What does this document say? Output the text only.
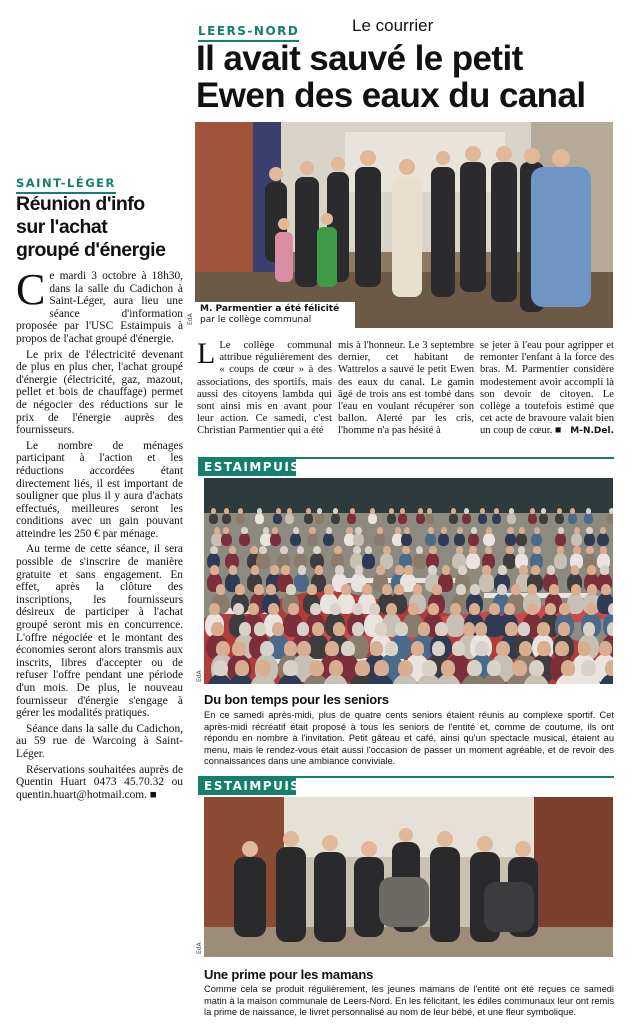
LEERS-NORD	Le courrier
Il avait sauvé le petit
Ewen des eaux du canal
M. Parmentier a été félicité
par le collège communal
EdA

L Le collège communal attribue régulièrement des « coups de cœur » à des associations, des sportifs, mais aussi des citoyens lambda qui sont ainsi mis en avant pour leur action. Ce samedi, c'est Christian Parmentier qui a été

mis à l'honneur. Le 3 septembre dernier, cet habitant de Wattrelos a sauvé le petit Ewen des eaux du canal. Le gamin âgé de trois ans est tombé dans l'eau en voulant récupérer son ballon. Alerté par les cris, l'homme n'a pas hésité à

se jeter à l'eau pour agripper et remonter l'enfant à la force des bras. M. Parmentier considère modestement avoir accompli là son devoir de citoyen. Le collège a toutefois estimé que cet acte de bravoure valait bien un coup de cœur. ■ M-N.Del.

SAINT-LÉGER
Réunion d'info
sur l'achat
groupé d'énergie

Ce mardi 3 octobre à 18h30, dans la salle du Cadichon à Saint-Léger, aura lieu une séance d'information proposée par l'USC Estaimpuis à propos de l'achat groupé d'énergie.

Le prix de l'électricité devenant de plus en plus cher, l'achat groupé d'énergie (électricité, gaz, mazout, pellet et bois de chauffage) permet de négocier des réductions sur le prix de l'énergie auprès des fournisseurs.

Le nombre de ménages participant à l'action et les réductions accordées étant directement liés, il est important de souligner que plus il y aura d'achats effectués, meilleures seront les conditions avec un gain pouvant atteindre les 250 € par ménage.

Au terme de cette séance, il sera possible de s'inscrire de manière gratuite et sans engagement. En effet, après la clôture des inscriptions, les fournisseurs désireux de participer à l'achat groupé seront mis en concurrence. L'offre négociée et le montant des économies seront alors transmis aux inscrits, libres d'accepter ou de refuser l'offre pendant une période d'un mois. De plus, le nouveau fournisseur d'énergie s'engage à gérer les modalités pratiques.

Séance dans la salle du Cadichon, au 59 rue de Warcoing à Saint-Léger.

Réservations souhaitées auprès de Quentin Huart 0473 45.70.32 ou quentin.huart@hotmail.com. ■

ESTAIMPUIS
EdA
Du bon temps pour les seniors
En ce samedi après-midi, plus de quatre cents seniors étaient réunis au complexe sportif. Cet après-midi récréatif était proposé à tous les seniors de l'entité et, comme de coutume, ils ont répondu en nombre à l'invitation. Petit gâteau et café, ainsi qu'un spectacle musical, étaient au menu, mais le rendez-vous était aussi l'occasion de passer un moment agréable, et de revoir des connaissances dans une ambiance conviviale.
ESTAIMPUIS
EdA
Une prime pour les mamans
Comme cela se produit régulièrement, les jeunes mamans de l'entité ont été reçues ce samedi matin à la maison communale de Leers-Nord. En les félicitant, les édiles communaux leur ont remis la prime de naissance, le livret personnalisé au nom de leur bébé, et une fleur symbolique.
